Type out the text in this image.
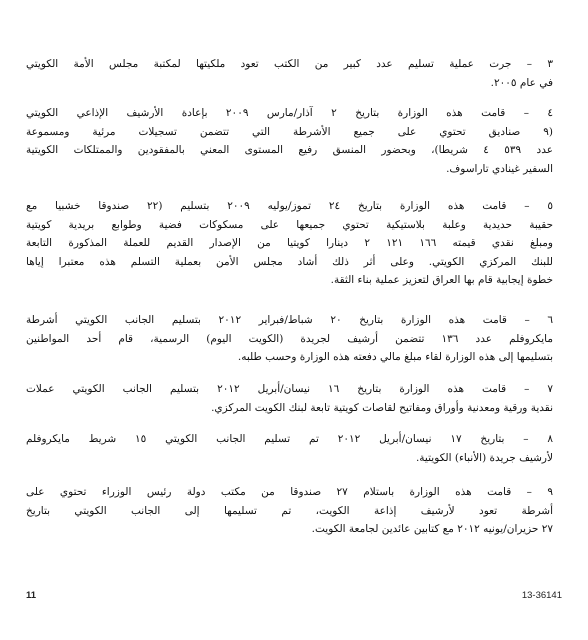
٣ – جرت عملية تسليم عدد كبير من الكتب تعود ملكيتها لمكتبة مجلس الأمة الكويتي
في عام ٢٠٠٥.
٤ – قامت هذه الوزارة بتاريخ ٢ آذار/مارس ٢٠٠٩ بإعادة الأرشيف الإذاعي الكويتي
(٩ صناديق تحتوي على جميع الأشرطة التي تتضمن تسجيلات مرئية ومسموعة
عدد ٥٣٩ ٤ شريطا)، وبحضور المنسق رفيع المستوى المعني بالمفقودين والممتلكات الكويتية
السفير غينادي تاراسوف.
٥ – قامت هذه الوزارة بتاريخ ٢٤ تموز/يوليه ٢٠٠٩ بتسليم (٢٢ صندوقا خشبيا مع
حقيبة حديدية وعلبة بلاستيكية تحتوي جميعها على مسكوكات فضية وطوابع بريدية كويتية
ومبلغ نقدي قيمته ١٦٦ ١٢١ ٢ دينارا كويتيا من الإصدار القديم للعملة المذكورة التابعة
للبنك المركزي الكويتي. وعلى أثر ذلك أشاد مجلس الأمن بعملية التسلم هذه معتبرا إياها
خطوة إيجابية قام بها العراق لتعزيز عملية بناء الثقة.
٦ – قامت هذه الوزارة بتاريخ ٢٠ شباط/فبراير ٢٠١٢ بتسليم الجانب الكويتي أشرطة
مايكروفلم عدد ١٣٦ تتضمن أرشيف لجريدة (الكويت اليوم) الرسمية، قام أحد المواطنين
بتسليمها إلى هذه الوزارة لقاء مبلغ مالي دفعته هذه الوزارة وحسب طلبه.
٧ – قامت هذه الوزارة بتاريخ ١٦ نيسان/أبريل ٢٠١٢ بتسليم الجانب الكويتي عملات
نقدية ورقية ومعدنية وأوراق ومفاتيح لقاصات كويتية تابعة لبنك الكويت المركزي.
٨ – بتاريخ ١٧ نيسان/أبريل ٢٠١٢ تم تسليم الجانب الكويتي ١٥ شريط مايكروفلم
لأرشيف جريدة (الأنباء) الكويتية.
٩ – قامت هذه الوزارة باستلام ٢٧ صندوقا من مكتب دولة رئيس الوزراء تحتوي على
أشرطة تعود لأرشيف إذاعة الكويت، تم تسليمها إلى الجانب الكويتي بتاريخ
٢٧ حزيران/يونيه ٢٠١٢ مع كتابين عائدين لجامعة الكويت.
11	13-36141
